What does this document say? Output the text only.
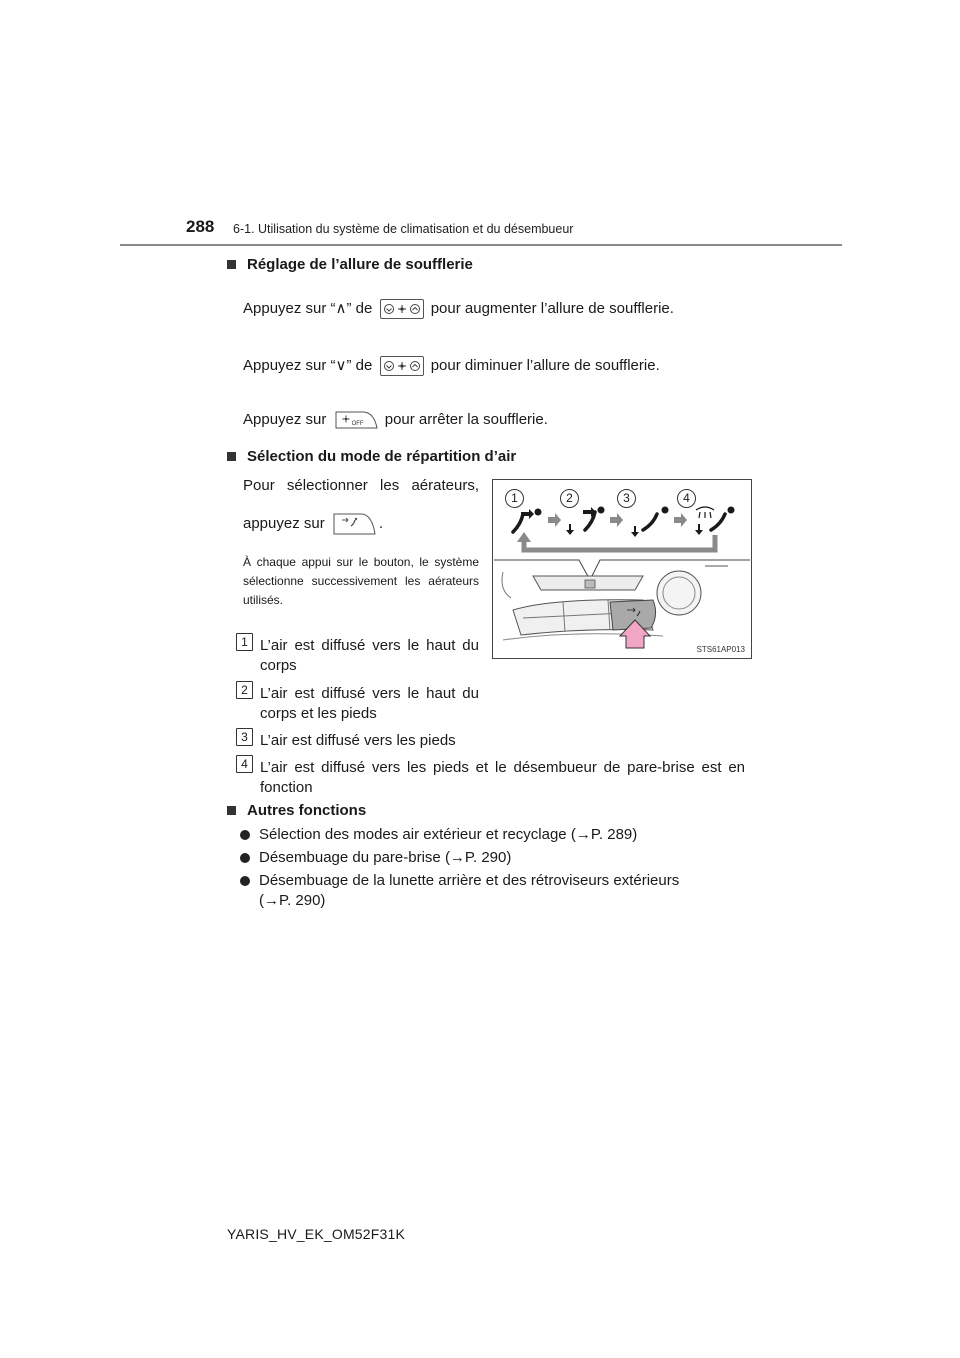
288 6-1. Utilisation du système de climatisation et du désembueur
Réglage de l’allure de soufflerie
Appuyez sur “∧” de	pour augmenter l’allure de soufflerie.
Appuyez sur “∨” de	pour diminuer l’allure de soufflerie.
Appuyez sur	OFF pour arrêter la soufflerie.
Sélection du mode de répartition d’air
Pour sélectionner les aérateurs,
appuyez sur	.
À chaque appui sur le bouton, le système sélectionne successivement les aérateurs utilisés.
1	2	3	4
STS61AP013
1 L’air est diffusé vers le haut du corps
2 L’air est diffusé vers le haut du corps et les pieds
3 L’air est diffusé vers les pieds
4 L’air est diffusé vers les pieds et le désembueur de pare-brise est en fonction
Autres fonctions
Sélection des modes air extérieur et recyclage (→P. 289)
Désembuage du pare-brise (→P. 290)
Désembuage de la lunette arrière et des rétroviseurs extérieurs (→P. 290)
YARIS_HV_EK_OM52F31K
